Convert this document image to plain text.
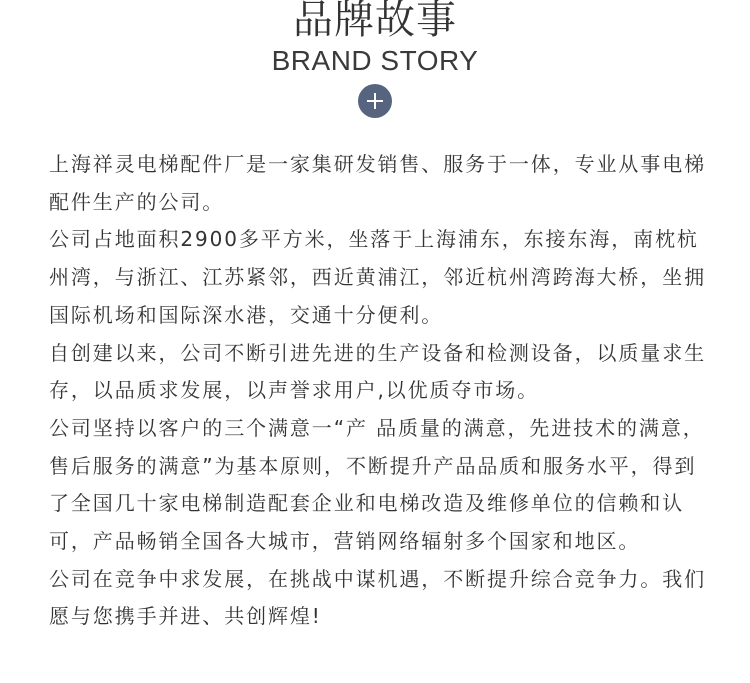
品牌故事
BRAND STORY

上海祥灵电梯配件厂是一家集研发销售、服务于一体，专业从事电梯配件生产的公司。

公司占地面积2900多平方米，坐落于上海浦东，东接东海，南枕杭州湾，与浙江、江苏紧邻，西近黄浦江，邻近杭州湾跨海大桥，坐拥国际机场和国际深水港，交通十分便利。

自创建以来，公司不断引进先进的生产设备和检测设备，以质量求生存，以品质求发展，以声誉求用户,以优质夺市场。

公司坚持以客户的三个满意一“产 品质量的满意，先进技术的满意，售后服务的满意”为基本原则，不断提升产品品质和服务水平，得到了全国几十家电梯制造配套企业和电梯改造及维修单位的信赖和认可，产品畅销全国各大城市，营销网络辐射多个国家和地区。

公司在竞争中求发展，在挑战中谋机遇，不断提升综合竞争力。我们愿与您携手并进、共创辉煌!
